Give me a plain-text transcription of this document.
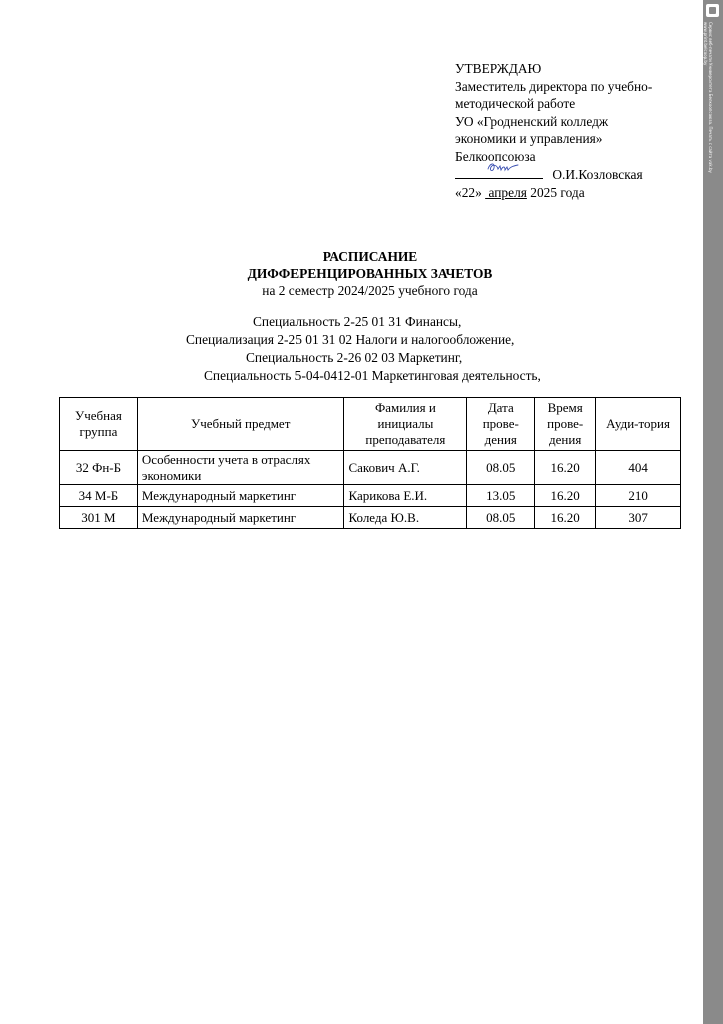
УТВЕРЖДАЮ
Заместитель директора по учебно-
методической работе
УО «Гродненский колледж
экономики и управления»
Белкоопсоюза
О.И.Козловская
«22» апреля 2025 года
РАСПИСАНИЕ
ДИФФЕРЕНЦИРОВАННЫХ ЗАЧЕТОВ
на 2 семестр 2024/2025 учебного года
Специальность 2-25 01 31 Финансы,
Специализация 2-25 01 31 02 Налоги и налогообложение,
Специальность 2-26 02 03 Маркетинг,
Специальность 5-04-0412-01 Маркетинговая деятельность,
Учебная группа	Учебный предмет	Фамилия и инициалы преподавателя	Дата прове-дения	Время прове-дения	Ауди-тория
32 Фн-Б	Особенности учета в отраслях экономики	Сакович А.Г.	08.05	16.20	404
34 М-Б	Международный маркетинг	Карикова Е.И.	13.05	16.20	210
301 М	Международный маркетинг	Коледа Ю.В.	08.05	16.20	307
Сервис веб-печати Университета Белкоопсоюза. Печать с сайта vak.by
www.print.belcoop.by
